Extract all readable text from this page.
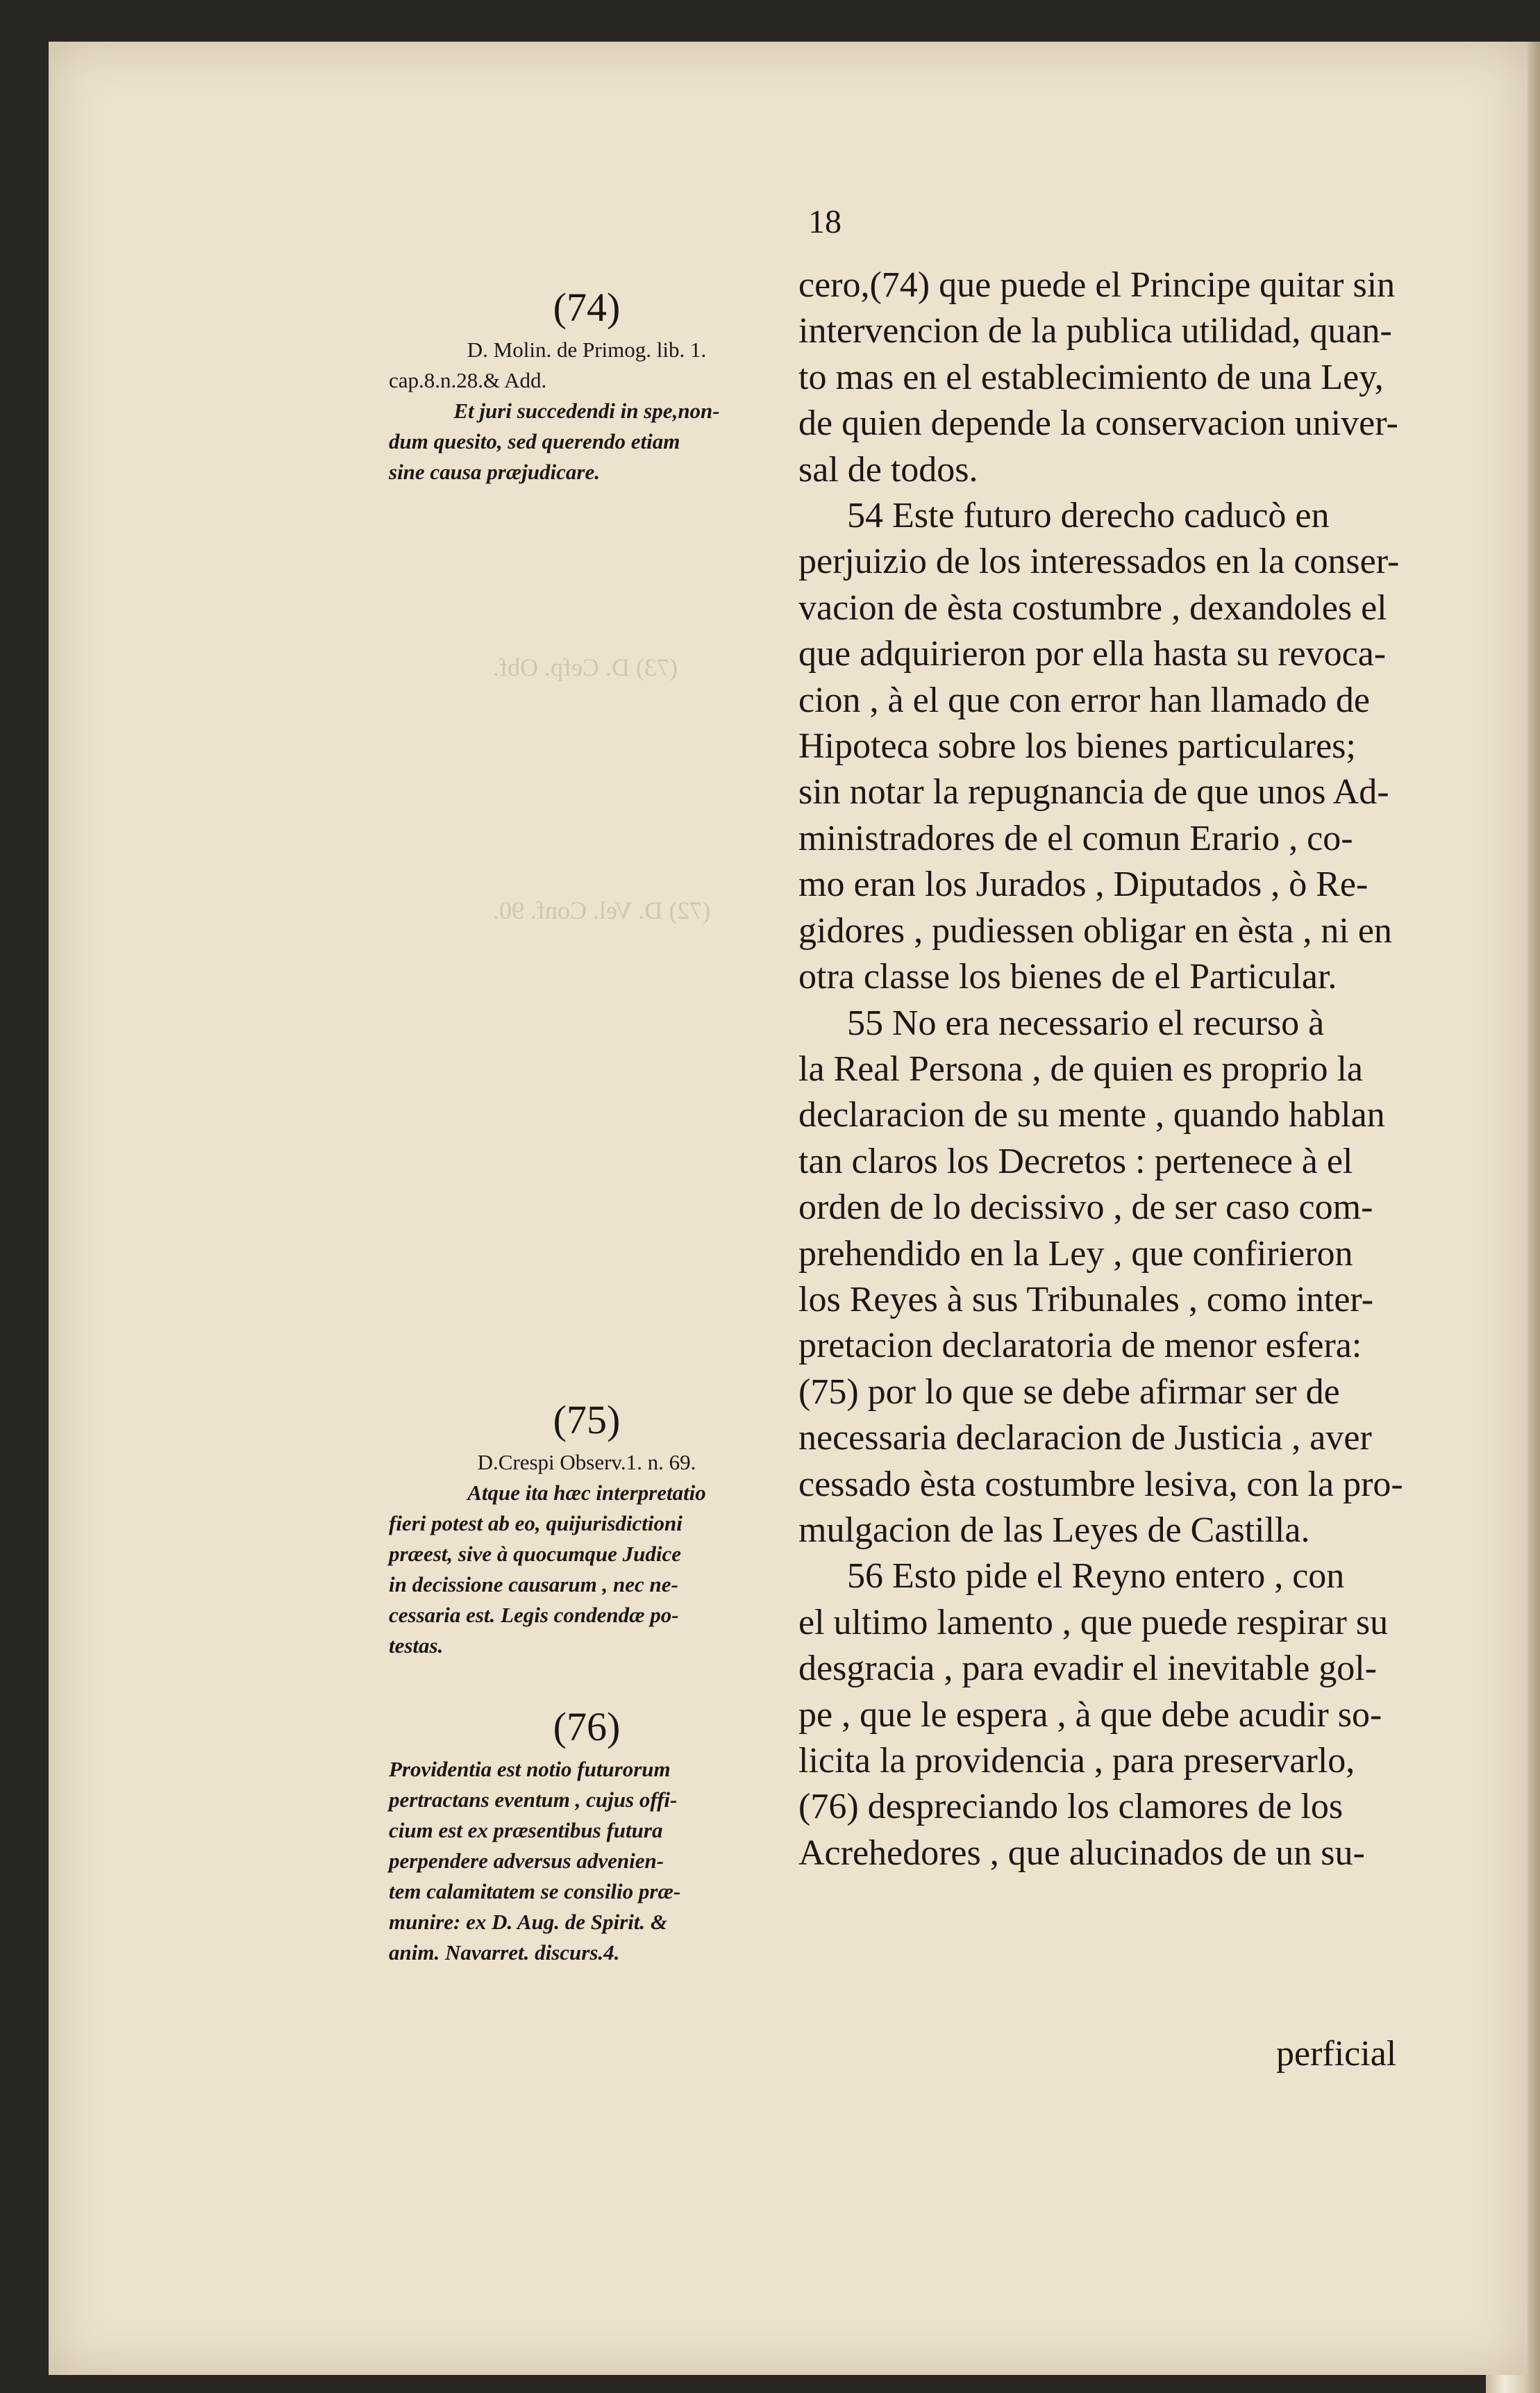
(73) D. Cefp. Obf.
(72) D. Vel. Conf. 90.
18
(74)
D. Molin. de Primog. lib. 1.
cap.8.n.28.& Add.
Et juri succedendi in spe,non-
dum quesito, sed querendo etiam
sine causa præjudicare.
(75)
D.Crespi Observ.1. n. 69.
Atque ita hæc interpretatio
fieri potest ab eo, quijurisdictioni
præest, sive à quocumque Judice
in decissione causarum , nec ne-
cessaria est. Legis condendæ po-
testas.
(76)
Providentia est notio futurorum
pertractans eventum , cujus offi-
cium est ex præsentibus futura
perpendere adversus advenien-
tem calamitatem se consilio præ-
munire: ex D. Aug. de Spirit. &
anim. Navarret. discurs.4.
cero,(74) que puede el Principe quitar sin
intervencion de la publica utilidad, quan-
to mas en el establecimiento de una Ley,
de quien depende la conservacion univer-
sal de todos.
54 Este futuro derecho caducò en
perjuizio de los interessados en la conser-
vacion de èsta costumbre , dexandoles el
que adquirieron por ella hasta su revoca-
cion , à el que con error han llamado de
Hipoteca sobre los bienes particulares;
sin notar la repugnancia de que unos Ad-
ministradores de el comun Erario , co-
mo eran los Jurados , Diputados , ò Re-
gidores , pudiessen obligar en èsta , ni en
otra classe los bienes de el Particular.
55 No era necessario el recurso à
la Real Persona , de quien es proprio la
declaracion de su mente , quando hablan
tan claros los Decretos : pertenece à el
orden de lo decissivo , de ser caso com-
prehendido en la Ley , que confirieron
los Reyes à sus Tribunales , como inter-
pretacion declaratoria de menor esfera:
(75) por lo que se debe afirmar ser de
necessaria declaracion de Justicia , aver
cessado èsta costumbre lesiva, con la pro-
mulgacion de las Leyes de Castilla.
56 Esto pide el Reyno entero , con
el ultimo lamento , que puede respirar su
desgracia , para evadir el inevitable gol-
pe , que le espera , à que debe acudir so-
licita la providencia , para preservarlo,
(76) despreciando los clamores de los
Acrehedores , que alucinados de un su-
perficial
